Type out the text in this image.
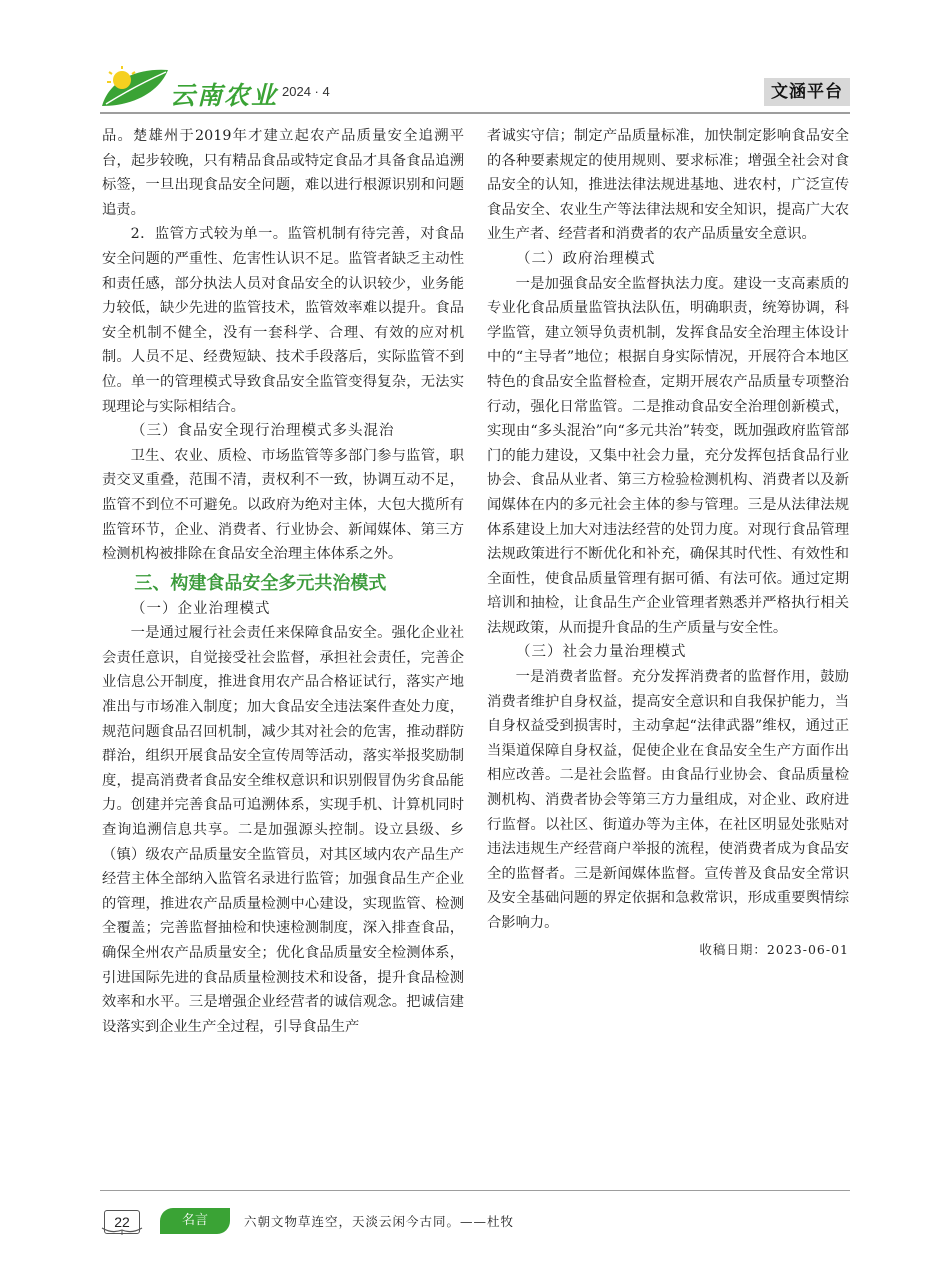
云南农业 2024 · 4	文涵平台

品。楚雄州于2019年才建立起农产品质量安全追溯平台，起步较晚，只有精品食品或特定食品才具备食品追溯标签，一旦出现食品安全问题，难以进行根源识别和问题追责。

2．监管方式较为单一。监管机制有待完善，对食品安全问题的严重性、危害性认识不足。监管者缺乏主动性和责任感，部分执法人员对食品安全的认识较少，业务能力较低，缺少先进的监管技术，监管效率难以提升。食品安全机制不健全，没有一套科学、合理、有效的应对机制。人员不足、经费短缺、技术手段落后，实际监管不到位。单一的管理模式导致食品安全监管变得复杂，无法实现理论与实际相结合。

（三）食品安全现行治理模式多头混治

卫生、农业、质检、市场监管等多部门参与监管，职责交叉重叠，范围不清，责权利不一致，协调互动不足，监管不到位不可避免。以政府为绝对主体，大包大揽所有监管环节，企业、消费者、行业协会、新闻媒体、第三方检测机构被排除在食品安全治理主体体系之外。

三、构建食品安全多元共治模式
（一）企业治理模式

一是通过履行社会责任来保障食品安全。强化企业社会责任意识，自觉接受社会监督，承担社会责任，完善企业信息公开制度，推进食用农产品合格证试行，落实产地准出与市场准入制度；加大食品安全违法案件查处力度，规范问题食品召回机制，减少其对社会的危害，推动群防群治，组织开展食品安全宣传周等活动，落实举报奖励制度，提高消费者食品安全维权意识和识别假冒伪劣食品能力。创建并完善食品可追溯体系，实现手机、计算机同时查询追溯信息共享。二是加强源头控制。设立县级、乡（镇）级农产品质量安全监管员，对其区域内农产品生产经营主体全部纳入监管名录进行监管；加强食品生产企业的管理，推进农产品质量检测中心建设，实现监管、检测全覆盖；完善监督抽检和快速检测制度，深入排查食品，确保全州农产品质量安全；优化食品质量安全检测体系，引进国际先进的食品质量检测技术和设备，提升食品检测效率和水平。三是增强企业经营者的诚信观念。把诚信建设落实到企业生产全过程，引导食品生产

者诚实守信；制定产品质量标准，加快制定影响食品安全的各种要素规定的使用规则、要求标准；增强全社会对食品安全的认知，推进法律法规进基地、进农村，广泛宣传食品安全、农业生产等法律法规和安全知识，提高广大农业生产者、经营者和消费者的农产品质量安全意识。

（二）政府治理模式

一是加强食品安全监督执法力度。建设一支高素质的专业化食品质量监管执法队伍，明确职责，统筹协调，科学监管，建立领导负责机制，发挥食品安全治理主体设计中的“主导者”地位；根据自身实际情况，开展符合本地区特色的食品安全监督检查，定期开展农产品质量专项整治行动，强化日常监管。二是推动食品安全治理创新模式，实现由“多头混治”向“多元共治”转变，既加强政府监管部门的能力建设，又集中社会力量，充分发挥包括食品行业协会、食品从业者、第三方检验检测机构、消费者以及新闻媒体在内的多元社会主体的参与管理。三是从法律法规体系建设上加大对违法经营的处罚力度。对现行食品管理法规政策进行不断优化和补充，确保其时代性、有效性和全面性，使食品质量管理有据可循、有法可依。通过定期培训和抽检，让食品生产企业管理者熟悉并严格执行相关法规政策，从而提升食品的生产质量与安全性。

（三）社会力量治理模式

一是消费者监督。充分发挥消费者的监督作用，鼓励消费者维护自身权益，提高安全意识和自我保护能力，当自身权益受到损害时，主动拿起“法律武器”维权，通过正当渠道保障自身权益，促使企业在食品安全生产方面作出相应改善。二是社会监督。由食品行业协会、食品质量检测机构、消费者协会等第三方力量组成，对企业、政府进行监督。以社区、街道办等为主体，在社区明显处张贴对违法违规生产经营商户举报的流程，使消费者成为食品安全的监督者。三是新闻媒体监督。宣传普及食品安全常识及安全基础问题的界定依据和急救常识，形成重要舆情综合影响力。

收稿日期：2023-06-01

22	名言	六朝文物草连空，天淡云闲今古同。——杜牧
